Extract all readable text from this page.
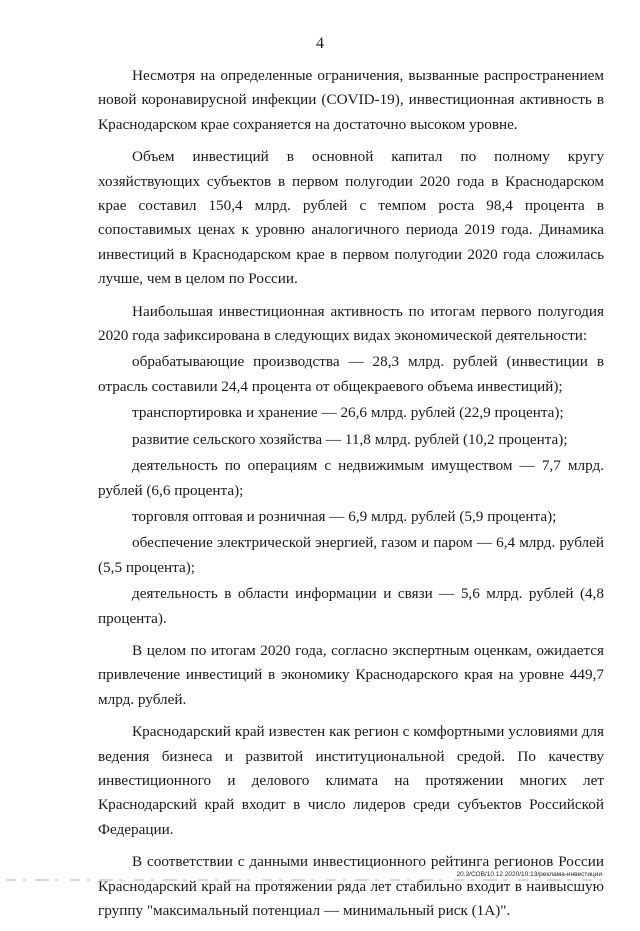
4

Несмотря на определенные ограничения, вызванные распространением новой коронавирусной инфекции (COVID-19), инвестиционная активность в Краснодарском крае сохраняется на достаточно высоком уровне.

Объем инвестиций в основной капитал по полному кругу хозяйствующих субъектов в первом полугодии 2020 года в Краснодарском крае составил 150,4 млрд. рублей с темпом роста 98,4 процента в сопоставимых ценах к уровню аналогичного периода 2019 года. Динамика инвестиций в Краснодарском крае в первом полугодии 2020 года сложилась лучше, чем в целом по России.

Наибольшая инвестиционная активность по итогам первого полугодия 2020 года зафиксирована в следующих видах экономической деятельности:

обрабатывающие производства — 28,3 млрд. рублей (инвестиции в отрасль составили 24,4 процента от общекраевого объема инвестиций);

транспортировка и хранение — 26,6 млрд. рублей (22,9 процента);

развитие сельского хозяйства — 11,8 млрд. рублей (10,2 процента);

деятельность по операциям с недвижимым имуществом — 7,7 млрд. рублей (6,6 процента);

торговля оптовая и розничная — 6,9 млрд. рублей (5,9 процента);

обеспечение электрической энергией, газом и паром — 6,4 млрд. рублей (5,5 процента);

деятельность в области информации и связи — 5,6 млрд. рублей (4,8 процента).

В целом по итогам 2020 года, согласно экспертным оценкам, ожидается привлечение инвестиций в экономику Краснодарского края на уровне 449,7 млрд. рублей.

Краснодарский край известен как регион с комфортными условиями для ведения бизнеса и развитой институциональной средой. По качеству инвестиционного и делового климата на протяжении многих лет Краснодарский край входит в число лидеров среди субъектов Российской Федерации.

В соответствии с данными инвестиционного рейтинга регионов России Краснодарский край на протяжении ряда лет стабильно входит в наивысшую группу "максимальный потенциал — минимальный риск (1А)".

20.3/СОВ/10.12.2020/10:13/реклама-инвестиции
